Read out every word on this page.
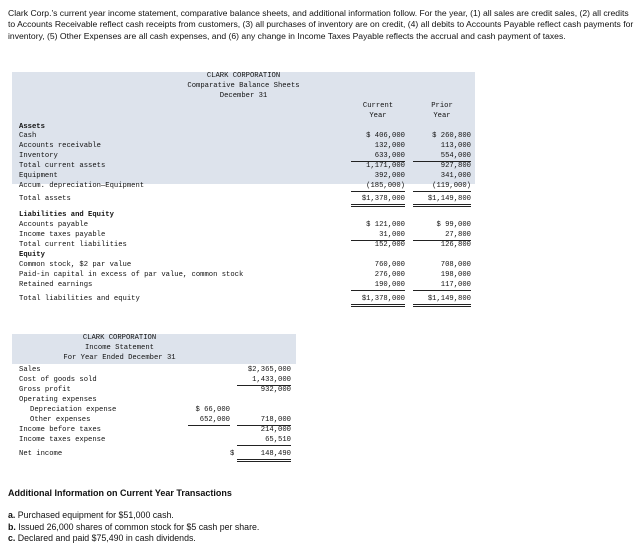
Clark Corp.'s current year income statement, comparative balance sheets, and additional information follow. For the year, (1) all sales are credit sales, (2) all credits to Accounts Receivable reflect cash receipts from customers, (3) all purchases of inventory are on credit, (4) all debits to Accounts Payable reflect cash payments for inventory, (5) Other Expenses are all cash expenses, and (6) any change in Income Taxes Payable reflects the accrual and cash payment of taxes.

CLARK CORPORATION
Comparative Balance Sheets
December 31
Current	Prior
Year	Year
Assets
Cash	$ 406,000	$ 260,800
Accounts receivable	132,000	113,000
Inventory	633,000	554,000
Total current assets	1,171,000	927,800
Equipment	392,000	341,000
Accum. depreciation—Equipment	(185,000)	(119,000)
Total assets	$1,378,000	$1,149,800
Liabilities and Equity
Accounts payable	$ 121,000	$ 99,000
Income taxes payable	31,000	27,800
Total current liabilities	152,000	126,800
Equity
Common stock, $2 par value	760,000	708,000
Paid-in capital in excess of par value, common stock	276,000	198,000
Retained earnings	190,000	117,000
Total liabilities and equity	$1,378,000	$1,149,800
CLARK CORPORATION
Income Statement
For Year Ended December 31
Sales	$2,365,000
Cost of goods sold	1,433,000
Gross profit	932,000
Operating expenses
Depreciation expense	$ 66,000
Other expenses	652,000	718,000
Income before taxes	214,000
Income taxes expense	65,510
Net income	$	148,490

Additional Information on Current Year Transactions

a. Purchased equipment for $51,000 cash.
b. Issued 26,000 shares of common stock for $5 cash per share.
c. Declared and paid $75,490 in cash dividends.
